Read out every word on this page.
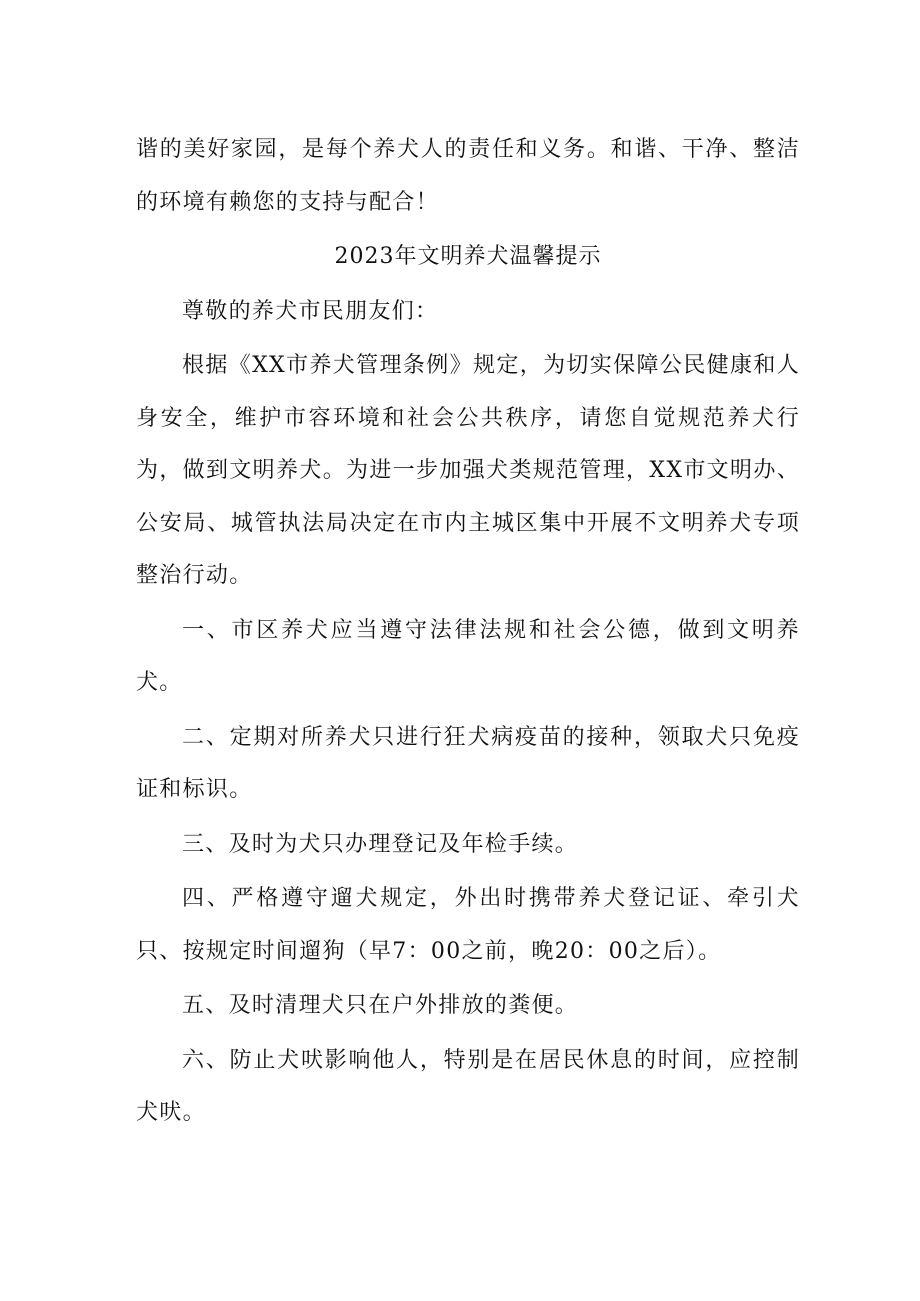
谐的美好家园，是每个养犬人的责任和义务。和谐、干净、整洁的环境有赖您的支持与配合！

2023年文明养犬温馨提示

尊敬的养犬市民朋友们：

根据《XX市养犬管理条例》规定，为切实保障公民健康和人身安全，维护市容环境和社会公共秩序，请您自觉规范养犬行为，做到文明养犬。为进一步加强犬类规范管理，XX市文明办、公安局、城管执法局决定在市内主城区集中开展不文明养犬专项整治行动。

一、市区养犬应当遵守法律法规和社会公德，做到文明养犬。

二、定期对所养犬只进行狂犬病疫苗的接种，领取犬只免疫证和标识。

三、及时为犬只办理登记及年检手续。

四、严格遵守遛犬规定，外出时携带养犬登记证、牵引犬只、按规定时间遛狗（早7：00之前，晚20：00之后）。

五、及时清理犬只在户外排放的粪便。

六、防止犬吠影响他人，特别是在居民休息的时间，应控制犬吠。
